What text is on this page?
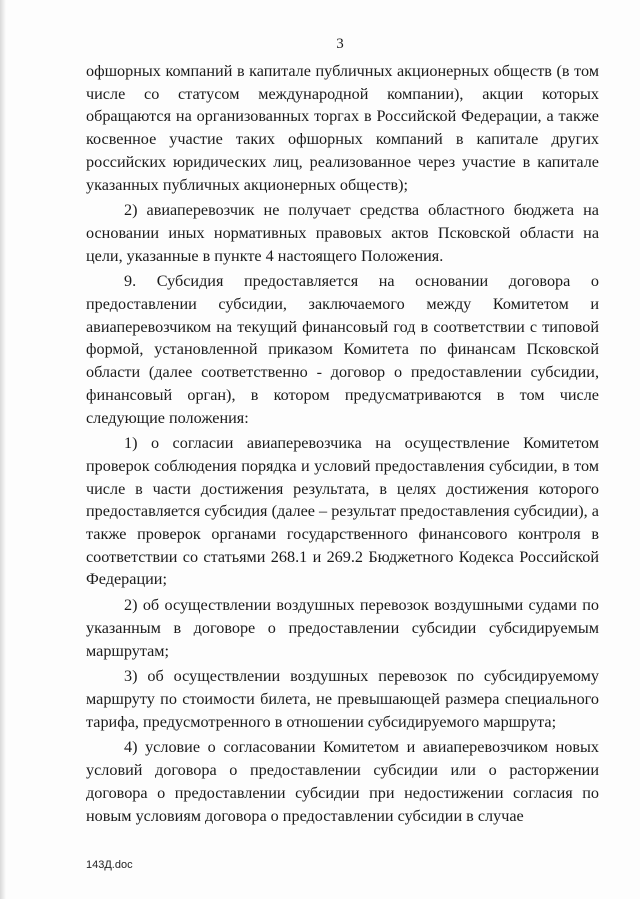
3

офшорных компаний в капитале публичных акционерных обществ (в том числе со статусом международной компании), акции которых обращаются на организованных торгах в Российской Федерации, а также косвенное участие таких офшорных компаний в капитале других российских юридических лиц, реализованное через участие в капитале указанных публичных акционерных обществ);

2) авиаперевозчик не получает средства областного бюджета на основании иных нормативных правовых актов Псковской области на цели, указанные в пункте 4 настоящего Положения.

9. Субсидия предоставляется на основании договора о предоставлении субсидии, заключаемого между Комитетом и авиаперевозчиком на текущий финансовый год в соответствии с типовой формой, установленной приказом Комитета по финансам Псковской области (далее соответственно - договор о предоставлении субсидии, финансовый орган), в котором предусматриваются в том числе следующие положения:

1) о согласии авиаперевозчика на осуществление Комитетом проверок соблюдения порядка и условий предоставления субсидии, в том числе в части достижения результата, в целях достижения которого предоставляется субсидия (далее – результат предоставления субсидии), а также проверок органами государственного финансового контроля в соответствии со статьями 268.1 и 269.2 Бюджетного Кодекса Российской Федерации;

2) об осуществлении воздушных перевозок воздушными судами по указанным в договоре о предоставлении субсидии субсидируемым маршрутам;

3) об осуществлении воздушных перевозок по субсидируемому маршруту по стоимости билета, не превышающей размера специального тарифа, предусмотренного в отношении субсидируемого маршрута;

4) условие о согласовании Комитетом и авиаперевозчиком новых условий договора о предоставлении субсидии или о расторжении договора о предоставлении субсидии при недостижении согласия по новым условиям договора о предоставлении субсидии в случае

143Д.doc
